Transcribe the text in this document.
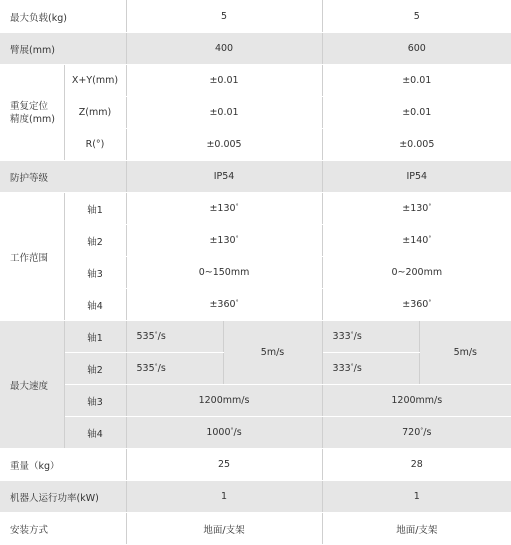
最大负载(kg)		5		5	
臂展(mm)		400		600	

重复定位
精度(mm)	X+Y(mm)	±0.01		±0.01	
	Z(mm)	±0.01		±0.01	
	R(°)	±0.005		±0.005	
防护等级		IP54		IP54	
工作范围	轴1	±130°		±130°
	轴2	±130°		±140°
	轴3	0~150mm		0~200mm	
	轴4	±360°		±360°
最大速度	轴1	535°/s	5m/s	333°/s	5m/s
	轴2	535°/s		333°/s	
	轴3	1200mm/s		1200mm/s	
	轴4	1000°/s		720°/s	
重量（kg）		25		28	
机器人运行功率(kW)		1		1	
安装方式		地面/支架		地面/支架	
